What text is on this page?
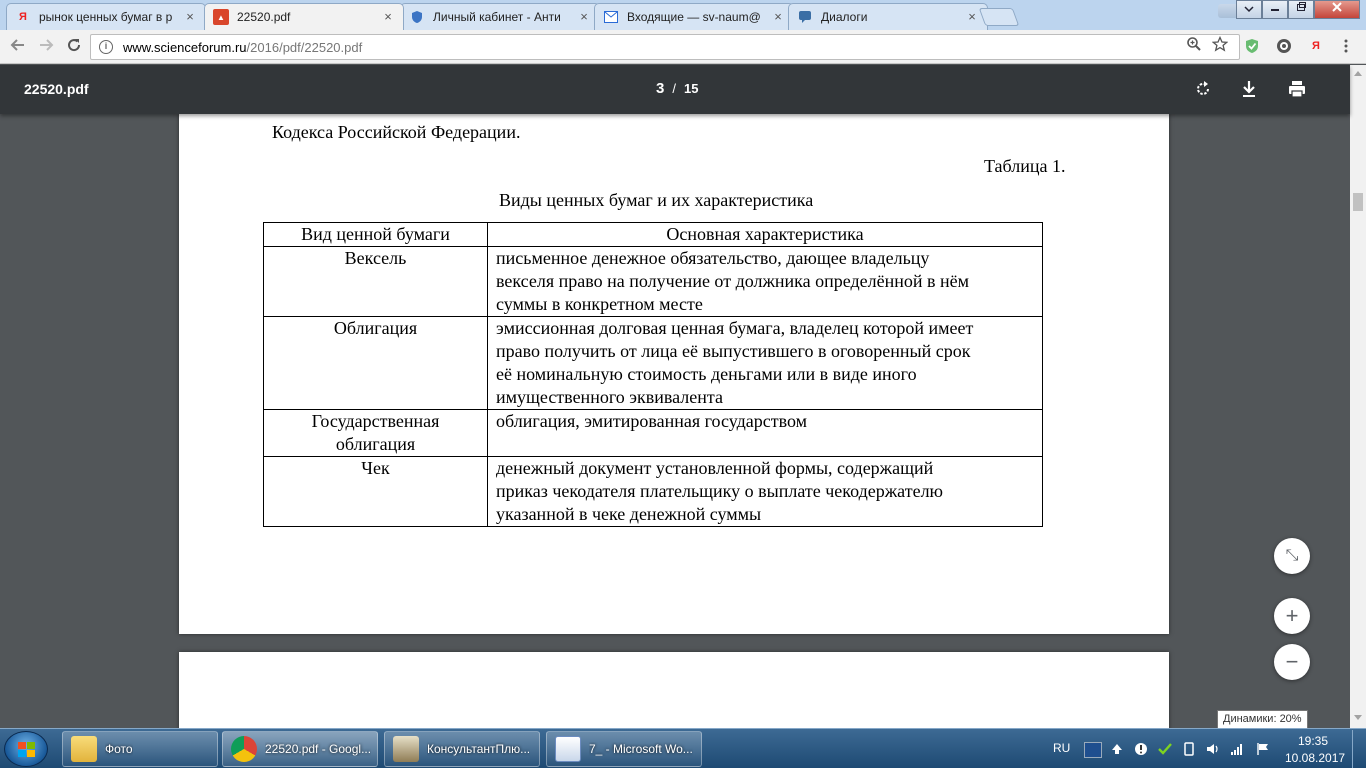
Я	рынок ценных бумаг в р	×	▲	22520.pdf	×	Личный кабинет - Анти	×	Входящие — sv-naum@	×	Диалоги	×
i	www.scienceforum.ru /2016/pdf/22520.pdf	Я
22520.pdf	3 / 15
Кодекса Российской Федерации.
Таблица 1.
Виды ценных бумаг и их характеристика
Вид ценной бумаги	Основная характеристика
Вексель	письменное денежное обязательство, дающее владельцу
векселя право на получение от должника определённой в нём
суммы в конкретном месте

Облигация	эмиссионная долговая ценная бумага, владелец которой имеет
право получить от лица её выпустившего в оговоренный срок
её номинальную стоимость деньгами или в виде иного
имущественного эквивалента

Государственная
облигация	облигация, эмитированная государством

Чек	денежный документ установленной формы, содержащий
приказ чекодателя плательщику о выплате чекодержателю
указанной в чеке денежной суммы
⤡
+
−
Динамики: 20%
Фото	22520.pdf - Googl...	КонсультантПлю...	7_ - Microsoft Wo...	RU	19:35
10.08.2017
